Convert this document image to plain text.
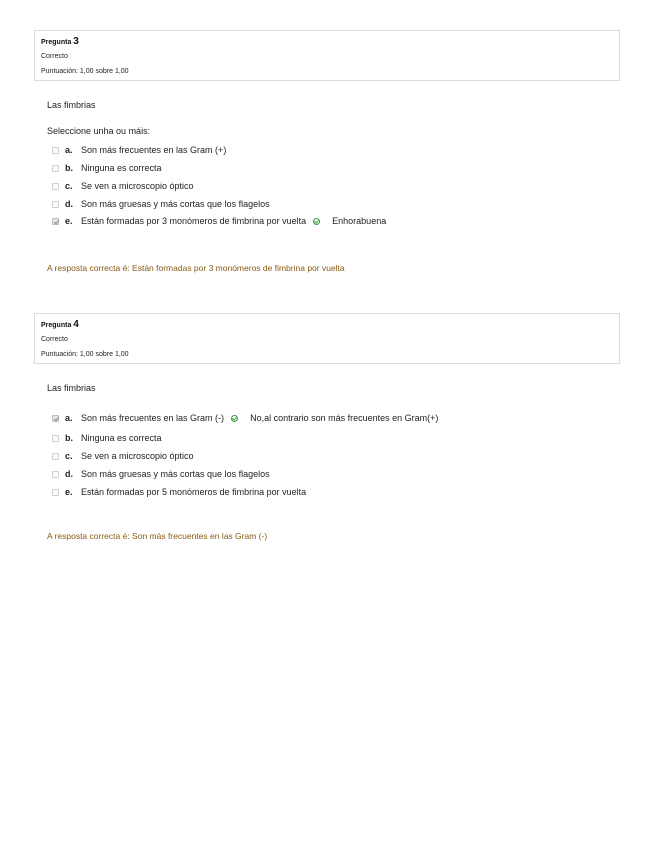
Pregunta 3
Correcto
Puntuación: 1,00 sobre 1,00
Las fimbrias
Seleccione unha ou máis:
a. Son más frecuentes en las Gram (+)
b. Ninguna es correcta
c. Se ven a microscopio óptico
d. Son más gruesas y más cortas que los flagelos
e. Están formadas por 3 monómeros de fimbrina por vuelta	Enhorabuena
A resposta correcta é: Están formadas por 3 monómeros de fimbrina por vuelta
Pregunta 4
Correcto
Puntuación: 1,00 sobre 1,00
Las fimbrias
a. Son más frecuentes en las Gram (-)	No,al contrario son más frecuentes en Gram(+)
b. Ninguna es correcta
c. Se ven a microscopio óptico
d. Son más gruesas y más cortas que los flagelos
e. Están formadas por 5 monómeros de fimbrina por vuelta
A resposta correcta é: Son más frecuentes en las Gram (-)
